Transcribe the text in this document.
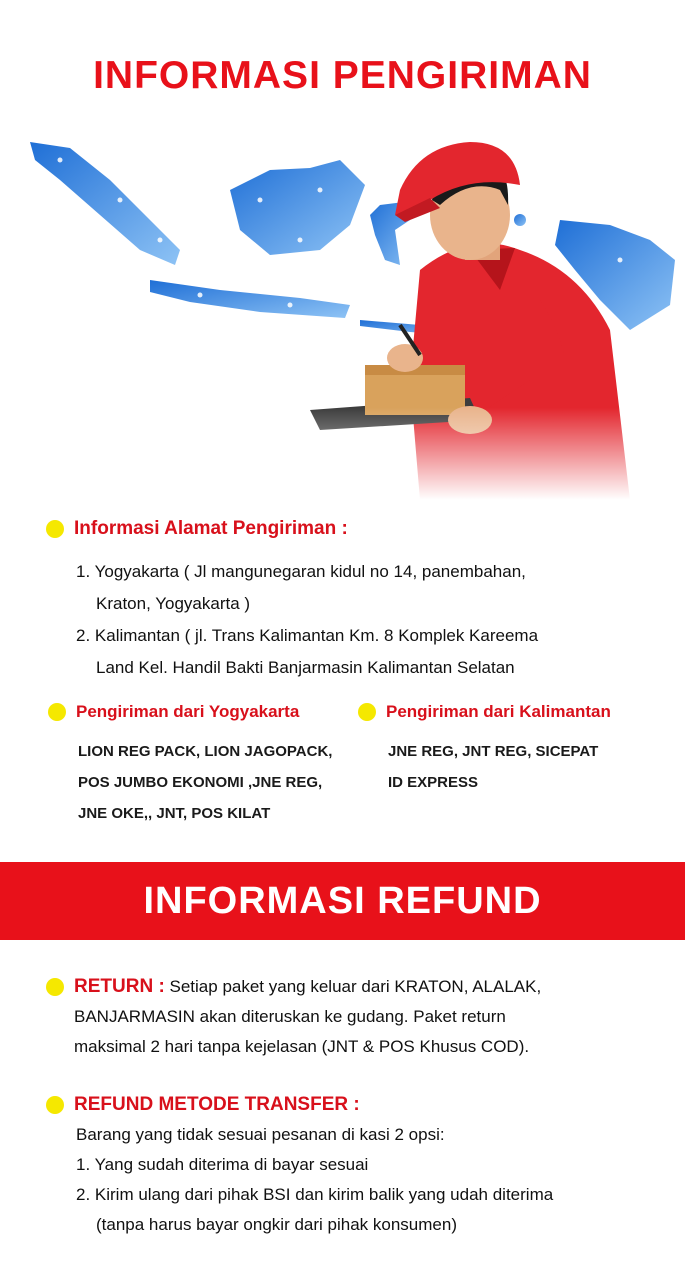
INFORMASI PENGIRIMAN
Informasi Alamat Pengiriman :
1. Yogyakarta ( Jl mangunegaran kidul no 14, panembahan,
Kraton, Yogyakarta )
2. Kalimantan ( jl. Trans Kalimantan Km. 8 Komplek Kareema
Land Kel. Handil Bakti Banjarmasin Kalimantan Selatan
Pengiriman dari Yogyakarta
LION REG PACK, LION JAGOPACK,
POS JUMBO EKONOMI ,JNE REG,
JNE OKE,, JNT, POS KILAT
Pengiriman dari Kalimantan
JNE REG, JNT REG, SICEPAT
ID EXPRESS
INFORMASI REFUND
RETURN : Setiap paket yang keluar dari KRATON, ALALAK,
BANJARMASIN akan diteruskan ke gudang. Paket return
maksimal 2 hari tanpa kejelasan (JNT & POS Khusus COD).
REFUND METODE TRANSFER :
Barang yang tidak sesuai pesanan di kasi 2 opsi:
1. Yang sudah diterima di bayar sesuai
2. Kirim ulang dari pihak BSI dan kirim balik yang udah diterima
(tanpa harus bayar ongkir dari pihak konsumen)
